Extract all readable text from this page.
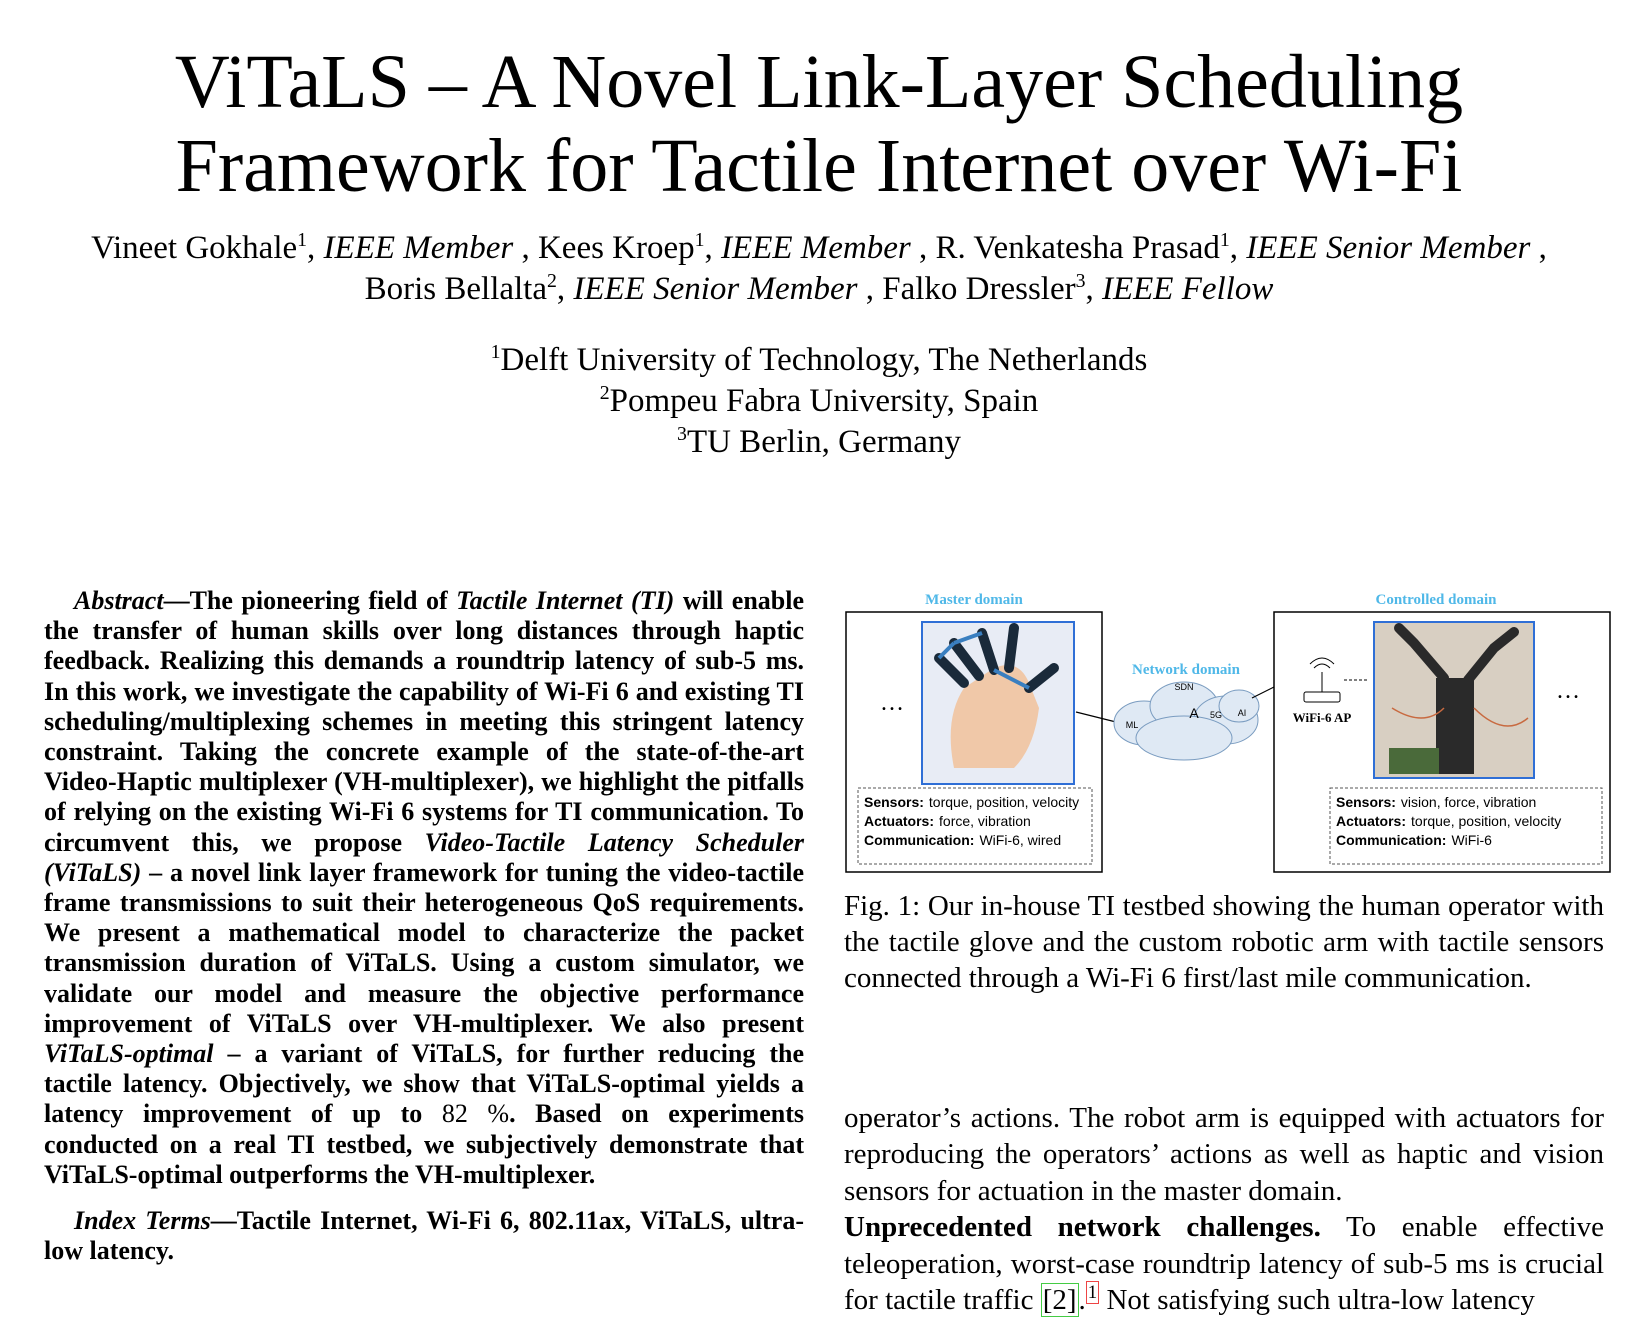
ViTaLS – A Novel Link-Layer Scheduling
Framework for Tactile Internet over Wi-Fi
Vineet Gokhale$^1$, IEEE Member , Kees Kroep$^1$, IEEE Member , R. Venkatesha Prasad$^1$, IEEE Senior Member ,
Boris Bellalta$^2$, IEEE Senior Member , Falko Dressler$^3$, IEEE Fellow
$^1$Delft University of Technology, The Netherlands
$^2$Pompeu Fabra University, Spain
$^3$TU Berlin, Germany

Abstract—The pioneering field of Tactile Internet (TI) will enable the transfer of human skills over long distances through haptic feedback. Realizing this demands a roundtrip latency of sub-5 ms. In this work, we investigate the capability of Wi-Fi 6 and existing TI scheduling/multiplexing schemes in meeting this stringent latency constraint. Taking the concrete example of the state-of-the-art Video-Haptic multiplexer (VH-multiplexer), we highlight the pitfalls of relying on the existing Wi-Fi 6 systems for TI communication. To circumvent this, we propose Video-Tactile Latency Scheduler (ViTaLS) – a novel link layer framework for tuning the video-tactile frame transmissions to suit their heterogeneous QoS requirements. We present a mathematical model to characterize the packet transmission duration of ViTaLS. Using a custom simulator, we validate our model and measure the objective performance improvement of ViTaLS over VH-multiplexer. We also present ViTaLS-optimal – a variant of ViTaLS, for further reducing the tactile latency. Objectively, we show that ViTaLS-optimal yields a latency improvement of up to 82 %. Based on experiments conducted on a real TI testbed, we subjectively demonstrate that ViTaLS-optimal outperforms the VH-multiplexer.

Index Terms—Tactile Internet, Wi-Fi 6, 802.11ax, ViTaLS, ultra-low latency.

Master domain
…
Sensors: torque, position, velocity
Actuators: force, vibration
Communication: WiFi-6, wired
Network domain
SDN
ML
5G AI
A
Controlled domain
WiFi-6 AP
…
Sensors: vision, force, vibration
Actuators: torque, position, velocity
Communication: WiFi-6
Fig. 1: Our in-house TI testbed showing the human operator with the tactile glove and the custom robotic arm with tactile sensors connected through a Wi-Fi 6 first/last mile communication.

operator’s actions. The robot arm is equipped with actuators for reproducing the operators’ actions as well as haptic and vision sensors for actuation in the master domain.

Unprecedented network challenges. To enable effective teleoperation, worst-case roundtrip latency of sub-5 ms is crucial for tactile traffic [2]. $^1$ Not satisfying such ultra-low latency
